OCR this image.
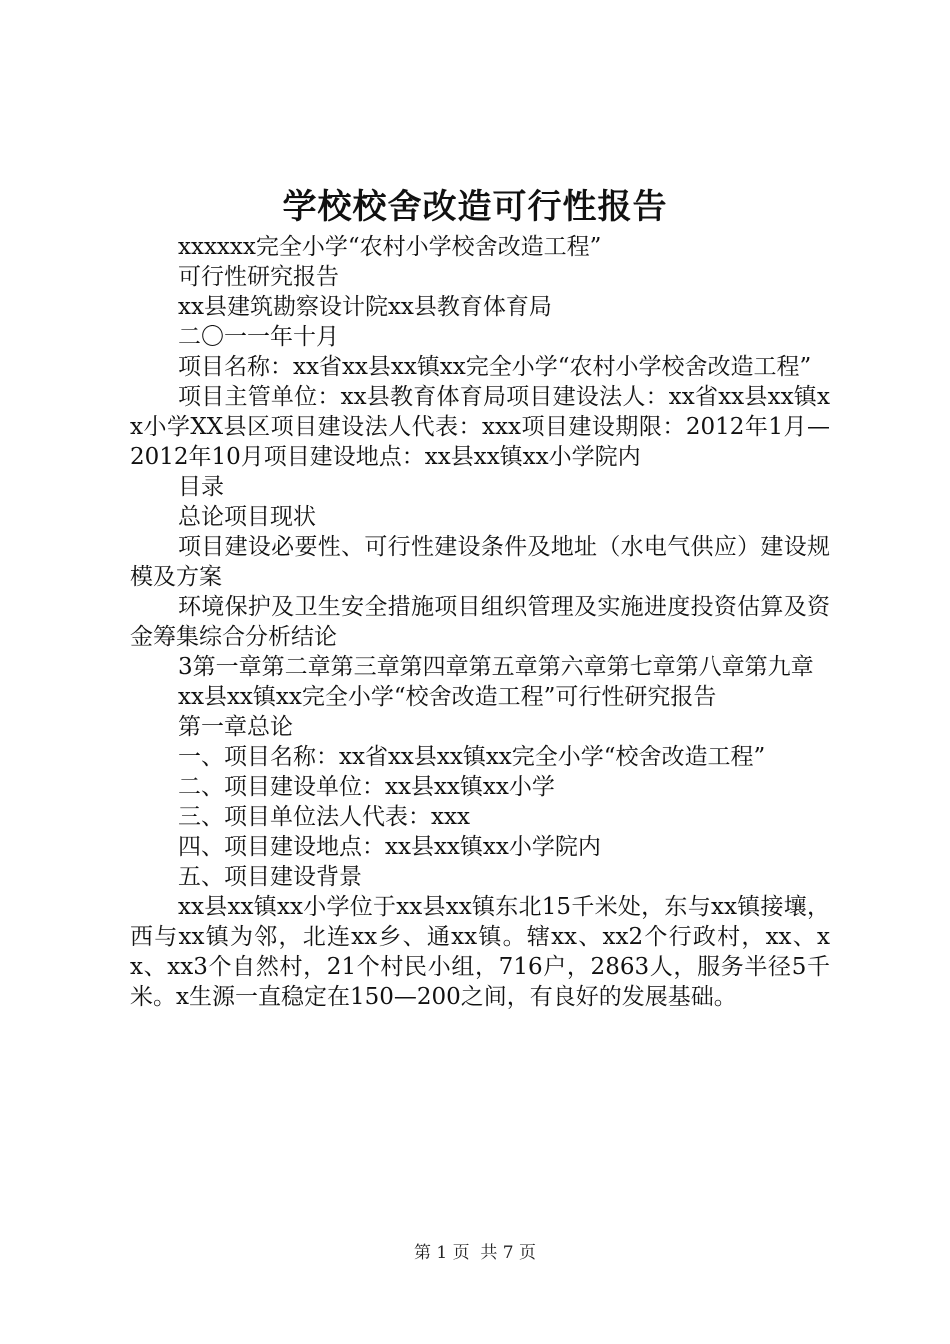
学校校舍改造可行性报告

xxxxxx完全小学“农村小学校舍改造工程”

可行性研究报告

xx县建筑勘察设计院xx县教育体育局

二〇一一年十月

项目名称：xx省xx县xx镇xx完全小学“农村小学校舍改造工程”

项目主管单位：xx县教育体育局项目建设法人：xx省xx县xx镇xx小学XX县区项目建设法人代表：xxx项目建设期限：2012年1月—2012年10月项目建设地点：xx县xx镇xx小学院内

目录

总论项目现状

项目建设必要性、可行性建设条件及地址（水电气供应）建设规模及方案

环境保护及卫生安全措施项目组织管理及实施进度投资估算及资金筹集综合分析结论

3第一章第二章第三章第四章第五章第六章第七章第八章第九章

xx县xx镇xx完全小学“校舍改造工程”可行性研究报告

第一章总论

一、项目名称：xx省xx县xx镇xx完全小学“校舍改造工程”

二、项目建设单位：xx县xx镇xx小学

三、项目单位法人代表：xxx

四、项目建设地点：xx县xx镇xx小学院内

五、项目建设背景

xx县xx镇xx小学位于xx县xx镇东北15千米处，东与xx镇接壤，西与xx镇为邻，北连xx乡、通xx镇。辖xx、xx2个行政村，xx、xx、xx3个自然村，21个村民小组，716户，2863人，服务半径5千米。x生源一直稳定在150—200之间，有良好的发展基础。

第 1 页  共 7 页
